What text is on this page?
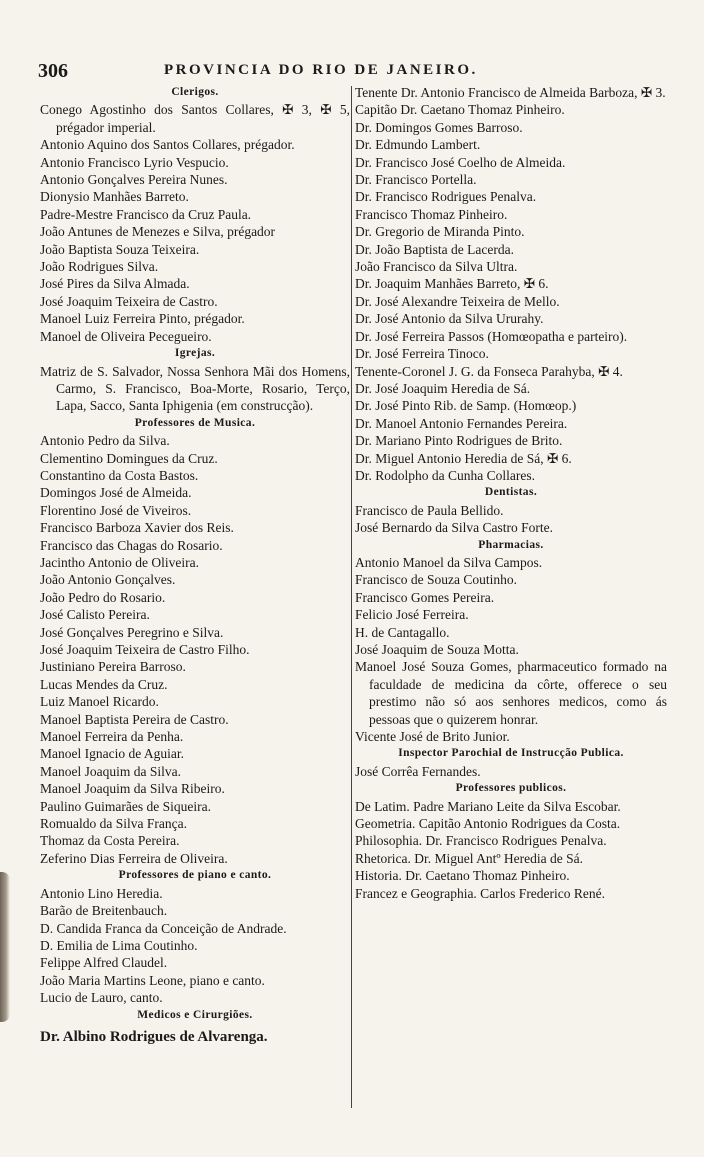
306	PROVINCIA DO RIO DE JANEIRO.
Clerigos.
Conego Agostinho dos Santos Collares, ✠ 3, ✠ 5, prégador imperial.
Antonio Aquino dos Santos Collares, prégador.
Antonio Francisco Lyrio Vespucio.
Antonio Gonçalves Pereira Nunes.
Dionysio Manhães Barreto.
Padre-Mestre Francisco da Cruz Paula.
João Antunes de Menezes e Silva, prégador
João Baptista Souza Teixeira.
João Rodrigues Silva.
José Pires da Silva Almada.
José Joaquim Teixeira de Castro.
Manoel Luiz Ferreira Pinto, prégador.
Manoel de Oliveira Pecegueiro.
Igrejas.
Matriz de S. Salvador, Nossa Senhora Mãi dos Homens, Carmo, S. Francisco, Boa-Morte, Rosario, Terço, Lapa, Sacco, Santa Iphigenia (em construcção).
Professores de Musica.
Antonio Pedro da Silva.
Clementino Domingues da Cruz.
Constantino da Costa Bastos.
Domingos José de Almeida.
Florentino José de Viveiros.
Francisco Barboza Xavier dos Reis.
Francisco das Chagas do Rosario.
Jacintho Antonio de Oliveira.
João Antonio Gonçalves.
João Pedro do Rosario.
José Calisto Pereira.
José Gonçalves Peregrino e Silva.
José Joaquim Teixeira de Castro Filho.
Justiniano Pereira Barroso.
Lucas Mendes da Cruz.
Luiz Manoel Ricardo.
Manoel Baptista Pereira de Castro.
Manoel Ferreira da Penha.
Manoel Ignacio de Aguiar.
Manoel Joaquim da Silva.
Manoel Joaquim da Silva Ribeiro.
Paulino Guimarães de Siqueira.
Romualdo da Silva França.
Thomaz da Costa Pereira.
Zeferino Dias Ferreira de Oliveira.
Professores de piano e canto.
Antonio Lino Heredia.
Barão de Breitenbauch.
D. Candida Franca da Conceição de Andrade.
D. Emilia de Lima Coutinho.
Felippe Alfred Claudel.
João Maria Martins Leone, piano e canto.
Lucio de Lauro, canto.
Medicos e Cirurgiões.
Dr. Albino Rodrigues de Alvarenga.
Tenente Dr. Antonio Francisco de Almeida Barboza, ✠ 3.
Capitão Dr. Caetano Thomaz Pinheiro.
Dr. Domingos Gomes Barroso.
Dr. Edmundo Lambert.
Dr. Francisco José Coelho de Almeida.
Dr. Francisco Portella.
Dr. Francisco Rodrigues Penalva.
Francisco Thomaz Pinheiro.
Dr. Gregorio de Miranda Pinto.
Dr. João Baptista de Lacerda.
João Francisco da Silva Ultra.
Dr. Joaquim Manhães Barreto, ✠ 6.
Dr. José Alexandre Teixeira de Mello.
Dr. José Antonio da Silva Ururahy.
Dr. José Ferreira Passos (Homœopatha e parteiro).
Dr. José Ferreira Tinoco.
Tenente-Coronel J. G. da Fonseca Parahyba, ✠ 4.
Dr. José Joaquim Heredia de Sá.
Dr. José Pinto Rib. de Samp. (Homœop.)
Dr. Manoel Antonio Fernandes Pereira.
Dr. Mariano Pinto Rodrigues de Brito.
Dr. Miguel Antonio Heredia de Sá, ✠ 6.
Dr. Rodolpho da Cunha Collares.
Dentistas.
Francisco de Paula Bellido.
José Bernardo da Silva Castro Forte.
Pharmacias.
Antonio Manoel da Silva Campos.
Francisco de Souza Coutinho.
Francisco Gomes Pereira.
Felicio José Ferreira.
H. de Cantagallo.
José Joaquim de Souza Motta.
Manoel José Souza Gomes, pharmaceutico formado na faculdade de medicina da côrte, offerece o seu prestimo não só aos senhores medicos, como ás pessoas que o quizerem honrar.
Vicente José de Brito Junior.
Inspector Parochial de Instrucção Publica.
José Corrêa Fernandes.
Professores publicos.
De Latim. Padre Mariano Leite da Silva Escobar.
Geometria. Capitão Antonio Rodrigues da Costa.
Philosophia. Dr. Francisco Rodrigues Penalva.
Rhetorica. Dr. Miguel Antº Heredia de Sá.
Historia. Dr. Caetano Thomaz Pinheiro.
Francez e Geographia. Carlos Frederico René.
